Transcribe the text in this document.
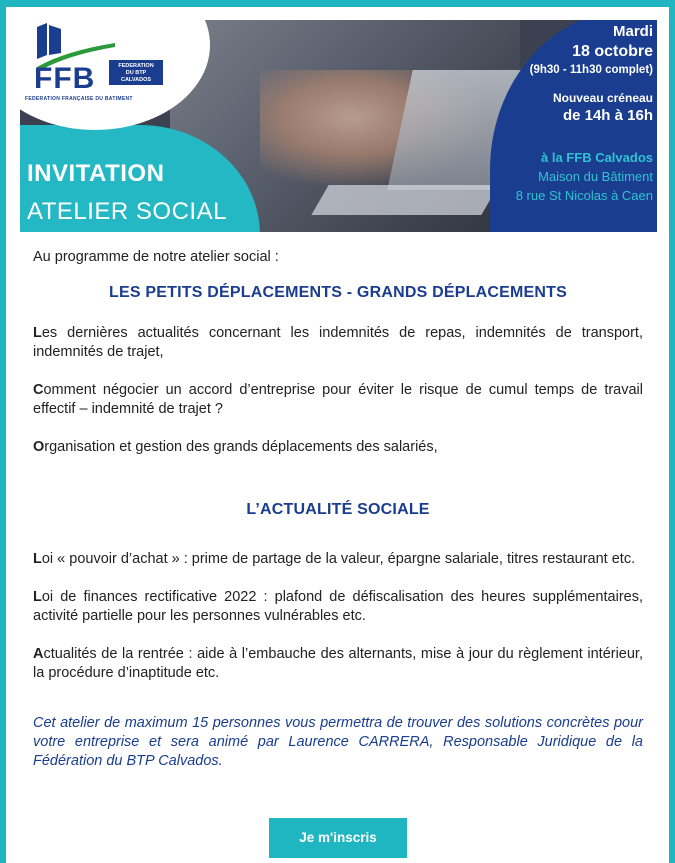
FFB
FEDERATION FRANÇAISE DU BATIMENT
FEDERATION
DU BTP
CALVADOS
INVITATION
ATELIER SOCIAL
Mardi
18 octobre
(9h30 - 11h30 complet)
Nouveau créneau
de 14h à 16h
à la FFB Calvados
Maison du Bâtiment
8 rue St Nicolas à Caen

Au programme de notre atelier social :

LES PETITS DÉPLACEMENTS - GRANDS DÉPLACEMENTS

Les dernières actualités concernant les indemnités de repas, indemnités de transport, indemnités de trajet,

Comment négocier un accord d’entreprise pour éviter le risque de cumul temps de travail effectif – indemnité de trajet ?

Organisation et gestion des grands déplacements des salariés,

L’ACTUALITÉ SOCIALE

Loi « pouvoir d’achat » : prime de partage de la valeur, épargne salariale, titres restaurant etc.

Loi de finances rectificative 2022 : plafond de défiscalisation des heures supplémentaires, activité partielle pour les personnes vulnérables etc.

Actualités de la rentrée : aide à l’embauche des alternants, mise à jour du règlement intérieur, la procédure d’inaptitude etc.

Cet atelier de maximum 15 personnes vous permettra de trouver des solutions concrètes pour votre entreprise et sera animé par Laurence CARRERA, Responsable Juridique de la Fédération du BTP Calvados.

Je m'inscris
